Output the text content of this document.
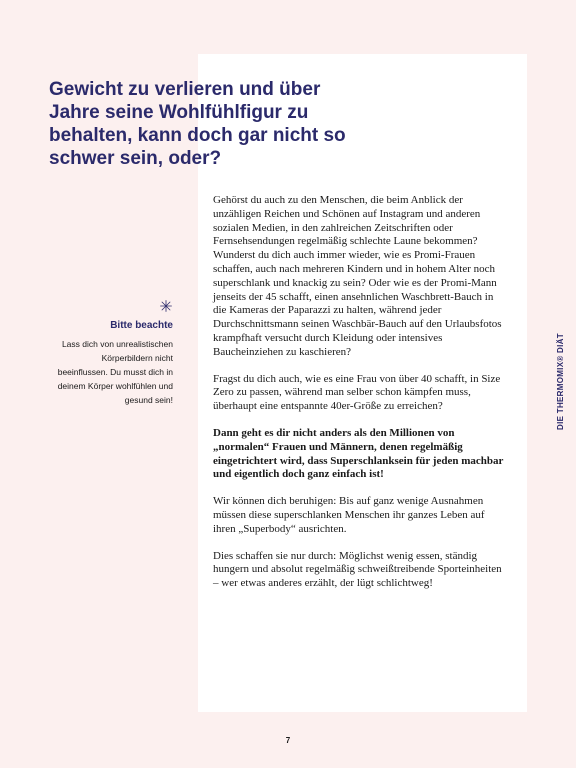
Gewicht zu verlieren und über Jahre seine Wohlfühlfigur zu behalten, kann doch gar nicht so schwer sein, oder?
Bitte beachte
Lass dich von unrealistischen Körperbildern nicht beeinflussen. Du musst dich in deinem Körper wohlfühlen und gesund sein!

Gehörst du auch zu den Menschen, die beim Anblick der unzähligen Reichen und Schönen auf Instagram und anderen sozialen Medien, in den zahlreichen Zeitschriften oder Fernsehsendungen regelmäßig schlechte Laune bekommen? Wunderst du dich auch immer wieder, wie es Promi-Frauen schaffen, auch nach mehreren Kindern und in hohem Alter noch superschlank und knackig zu sein? Oder wie es der Promi-Mann jenseits der 45 schafft, einen ansehnlichen Waschbrett-Bauch in die Kameras der Paparazzi zu halten, während jeder Durchschnittsmann seinen Waschbär-Bauch auf den Urlaubsfotos krampfhaft versucht durch Kleidung oder intensives Baucheinziehen zu kaschieren?

Fragst du dich auch, wie es eine Frau von über 40 schafft, in Size Zero zu passen, während man selber schon kämpfen muss, überhaupt eine entspannte 40er-Größe zu erreichen?

Dann geht es dir nicht anders als den Millionen von „normalen“ Frauen und Männern, denen regelmäßig eingetrichtert wird, dass Superschlanksein für jeden machbar und eigentlich doch ganz einfach ist!

Wir können dich beruhigen: Bis auf ganz wenige Ausnahmen müssen diese superschlanken Menschen ihr ganzes Leben auf ihren „Superbody“ ausrichten.

Dies schaffen sie nur durch: Möglichst wenig essen, ständig hungern und absolut regelmäßig schweißtreibende Sporteinheiten – wer etwas anderes erzählt, der lügt schlichtweg!

DIE THERMOMIX® DIÄT
7
